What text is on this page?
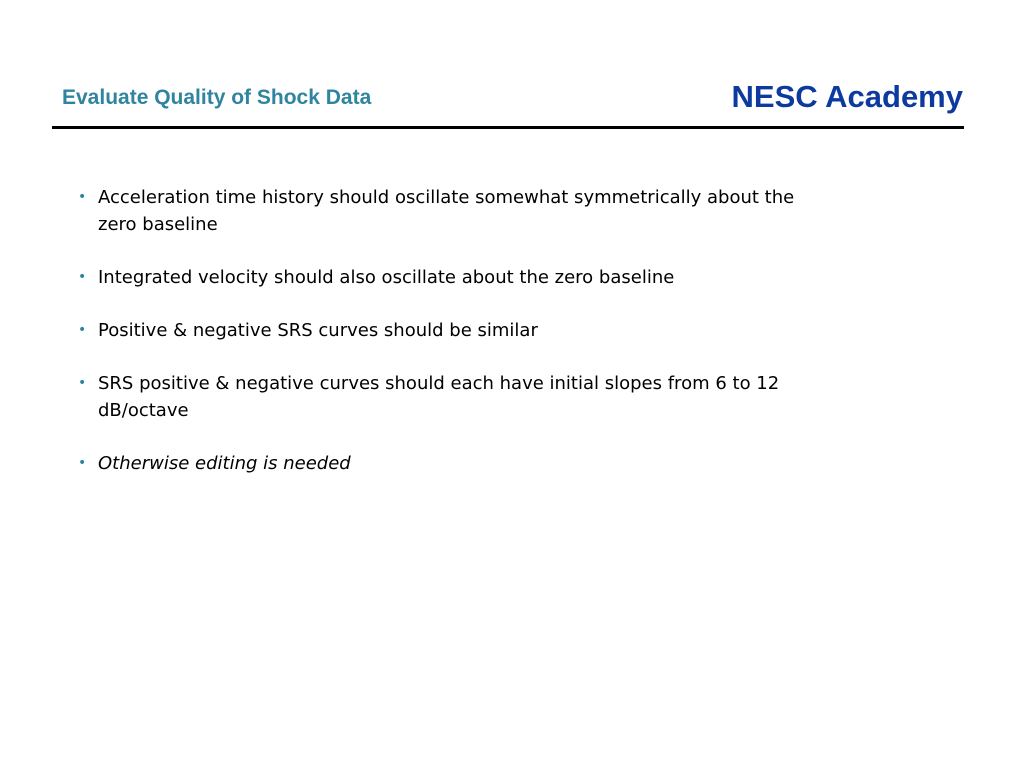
Evaluate Quality of Shock Data	NESC Academy
• Acceleration time history should oscillate somewhat symmetrically about the zero baseline
• Integrated velocity should also oscillate about the zero baseline
• Positive & negative SRS curves should be similar
• SRS positive & negative curves should each have initial slopes from 6 to 12 dB/octave
• Otherwise editing is needed
